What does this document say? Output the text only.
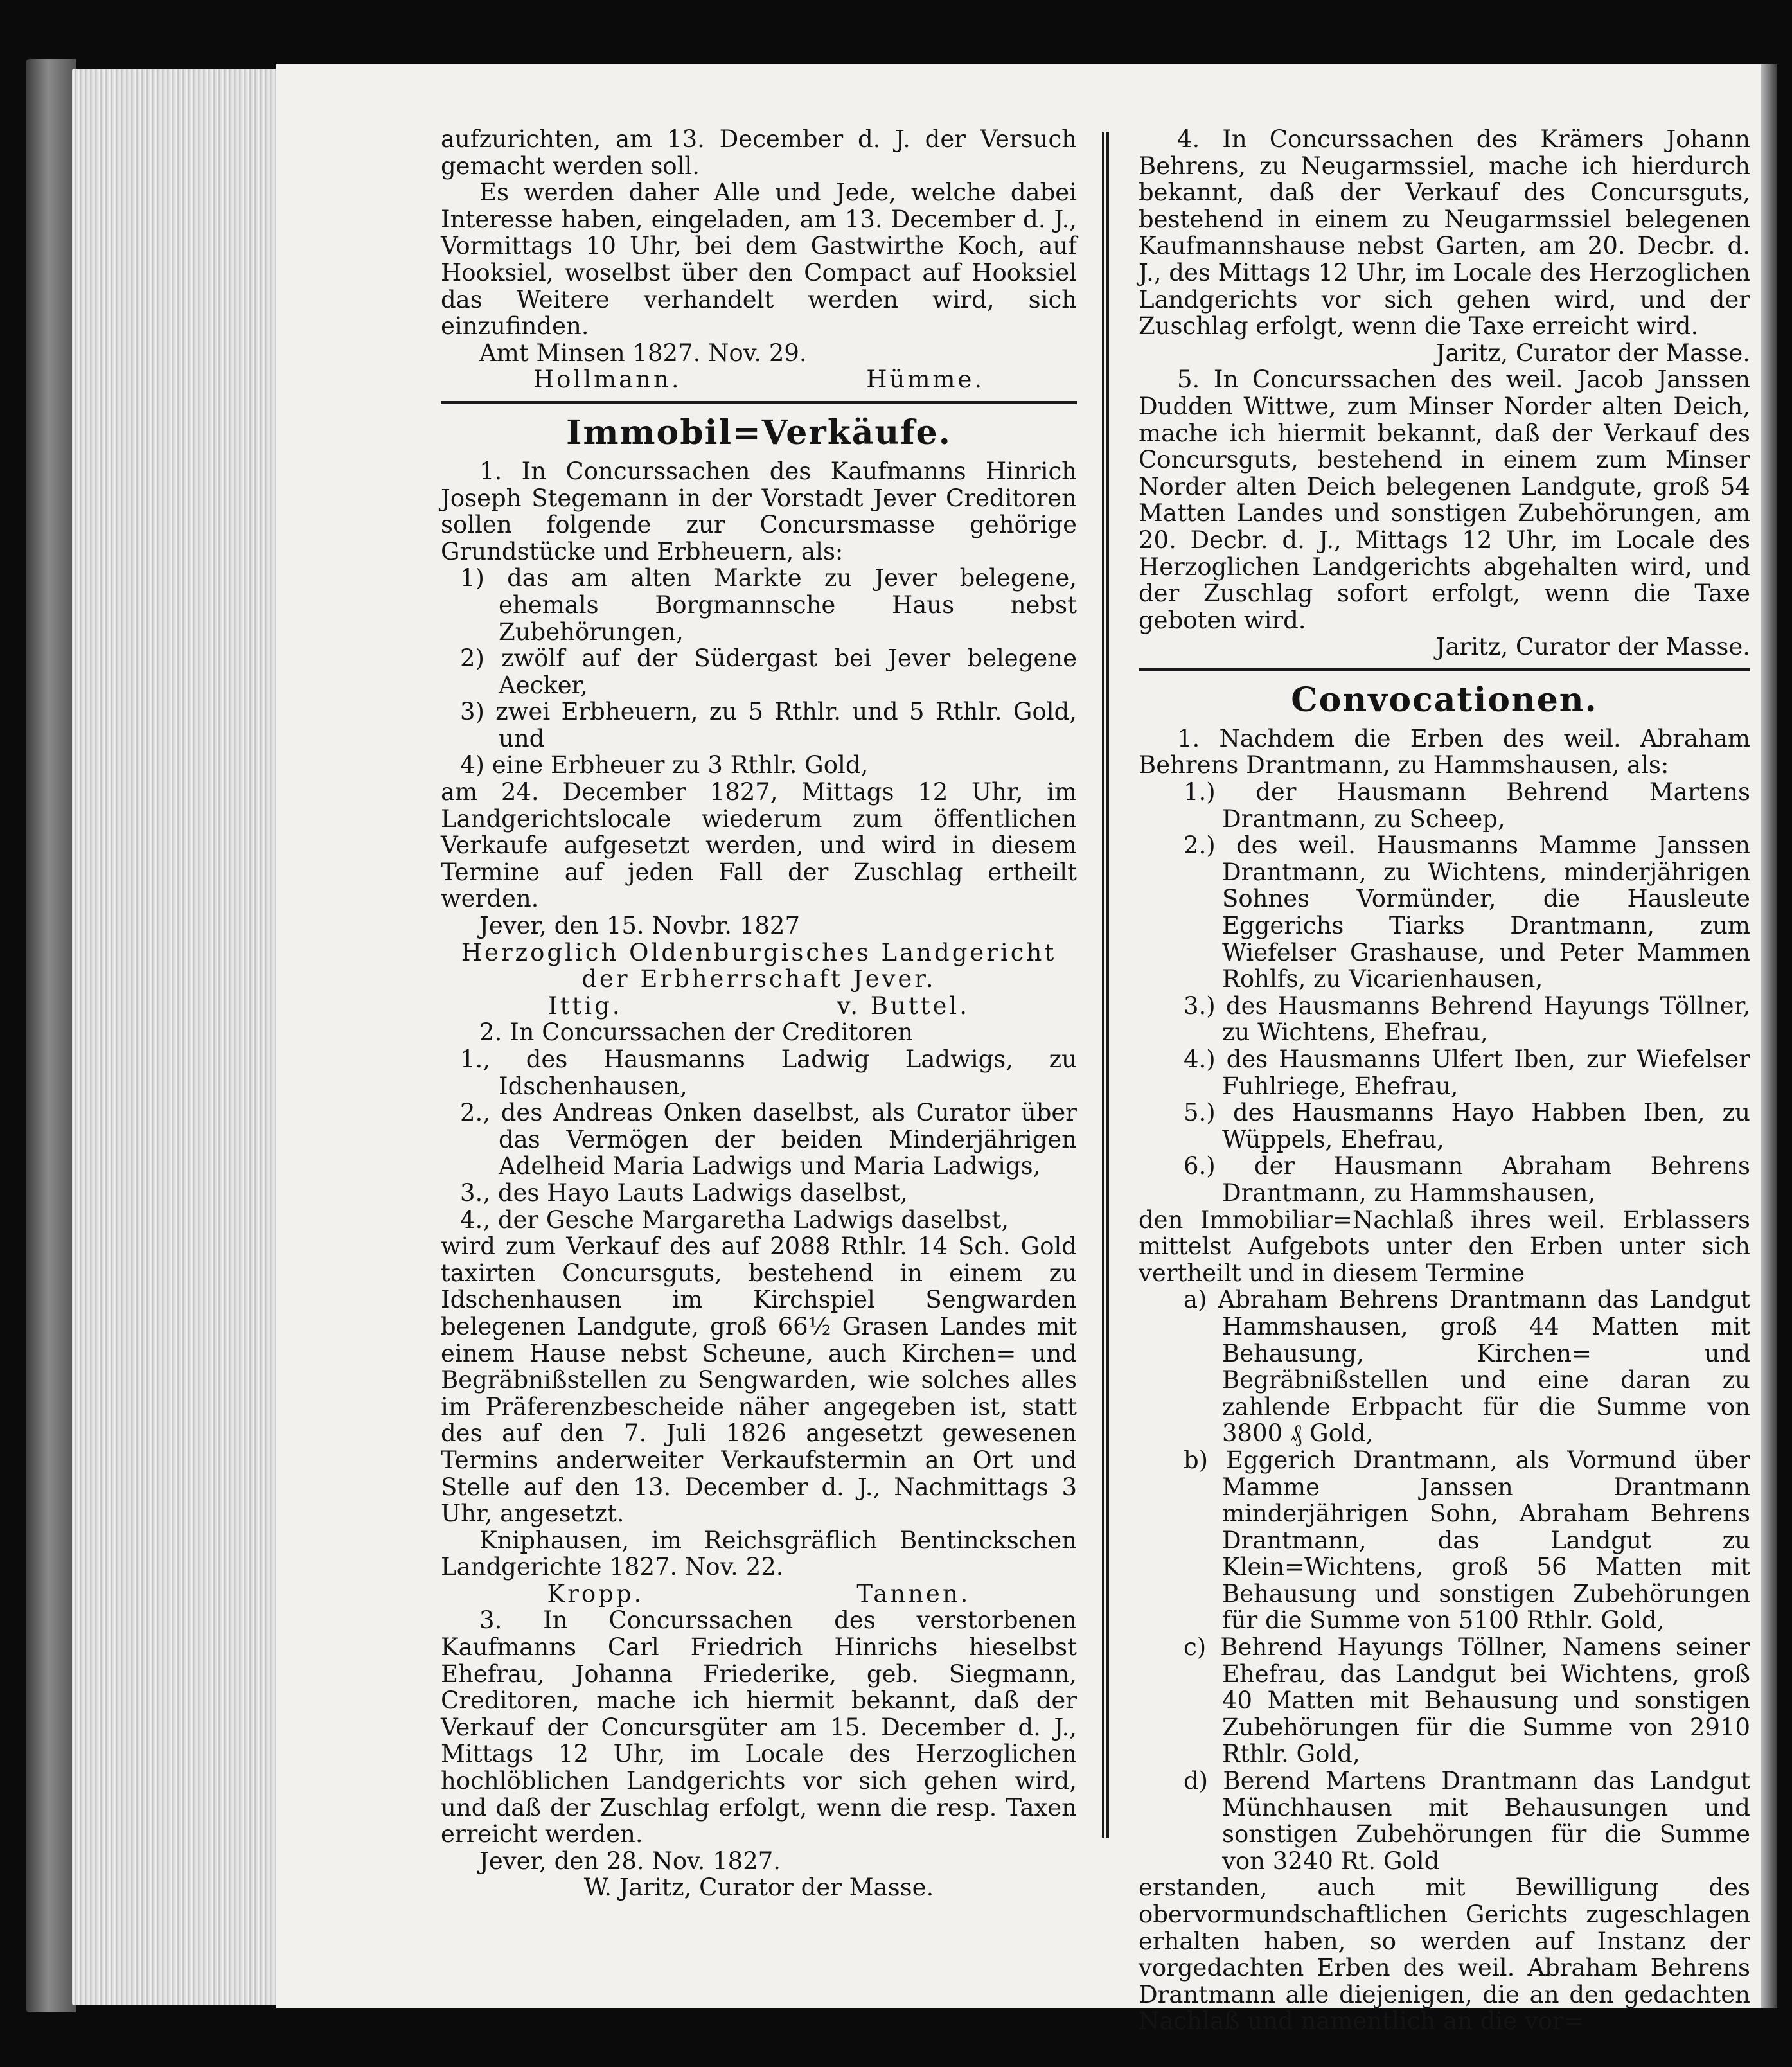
aufzurichten, am 13. December d. J. der Versuch gemacht werden soll.

Es werden daher Alle und Jede, welche dabei Interesse haben, eingeladen, am 13. December d. J., Vormittags 10 Uhr, bei dem Gastwirthe Koch, auf Hooksiel, woselbst über den Compact auf Hooksiel das Weitere verhandelt werden wird, sich einzufinden.

Amt Minsen 1827. Nov. 29.

Hollmann.	Hümme.
Immobil=Verkäufe.

1. In Concurssachen des Kaufmanns Hinrich Joseph Stegemann in der Vorstadt Jever Creditoren sollen folgende zur Concursmasse gehörige Grundstücke und Erbheuern, als:

1) das am alten Markte zu Jever belegene, ehemals Borgmannsche Haus nebst Zubehörungen,

2) zwölf auf der Südergast bei Jever belegene Aecker,

3) zwei Erbheuern, zu 5 Rthlr. und 5 Rthlr. Gold, und

4) eine Erbheuer zu 3 Rthlr. Gold,

am 24. December 1827, Mittags 12 Uhr, im Landgerichtslocale wiederum zum öffentlichen Verkaufe aufgesetzt werden, und wird in diesem Termine auf jeden Fall der Zuschlag ertheilt werden.

Jever, den 15. Novbr. 1827

Herzoglich Oldenburgisches Landgericht der Erbherrschaft Jever.

Ittig.	v. Buttel.

2. In Concurssachen der Creditoren

1., des Hausmanns Ladwig Ladwigs, zu Idschenhausen,

2., des Andreas Onken daselbst, als Curator über das Vermögen der beiden Minderjährigen Adelheid Maria Ladwigs und Maria Ladwigs,

3., des Hayo Lauts Ladwigs daselbst,

4., der Gesche Margaretha Ladwigs daselbst,

wird zum Verkauf des auf 2088 Rthlr. 14 Sch. Gold taxirten Concursguts, bestehend in einem zu Idschenhausen im Kirchspiel Sengwarden belegenen Landgute, groß 66½ Grasen Landes mit einem Hause nebst Scheune, auch Kirchen= und Begräbnißstellen zu Sengwarden, wie solches alles im Präferenzbescheide näher angegeben ist, statt des auf den 7. Juli 1826 angesetzt gewesenen Termins anderweiter Verkaufstermin an Ort und Stelle auf den 13. December d. J., Nachmittags 3 Uhr, angesetzt.

Kniphausen, im Reichsgräflich Bentinckschen Landgerichte 1827. Nov. 22.

Kropp.	Tannen.

3. In Concurssachen des verstorbenen Kaufmanns Carl Friedrich Hinrichs hieselbst Ehefrau, Johanna Friederike, geb. Siegmann, Creditoren, mache ich hiermit bekannt, daß der Verkauf der Concursgüter am 15. December d. J., Mittags 12 Uhr, im Locale des Herzoglichen hochlöblichen Landgerichts vor sich gehen wird, und daß der Zuschlag erfolgt, wenn die resp. Taxen erreicht werden.

Jever, den 28. Nov. 1827.

W. Jaritz, Curator der Masse.

4. In Concurssachen des Krämers Johann Behrens, zu Neugarmssiel, mache ich hierdurch bekannt, daß der Verkauf des Concursguts, bestehend in einem zu Neugarmssiel belegenen Kaufmannshause nebst Garten, am 20. Decbr. d. J., des Mittags 12 Uhr, im Locale des Herzoglichen Landgerichts vor sich gehen wird, und der Zuschlag erfolgt, wenn die Taxe erreicht wird.

Jaritz, Curator der Masse.

5. In Concurssachen des weil. Jacob Janssen Dudden Wittwe, zum Minser Norder alten Deich, mache ich hiermit bekannt, daß der Verkauf des Concursguts, bestehend in einem zum Minser Norder alten Deich belegenen Landgute, groß 54 Matten Landes und sonstigen Zubehörungen, am 20. Decbr. d. J., Mittags 12 Uhr, im Locale des Herzoglichen Landgerichts abgehalten wird, und der Zuschlag sofort erfolgt, wenn die Taxe geboten wird.

Jaritz, Curator der Masse.

Convocationen.

1. Nachdem die Erben des weil. Abraham Behrens Drantmann, zu Hammshausen, als:

1.) der Hausmann Behrend Martens Drantmann, zu Scheep,

2.) des weil. Hausmanns Mamme Janssen Drantmann, zu Wichtens, minderjährigen Sohnes Vormünder, die Hausleute Eggerichs Tiarks Drantmann, zum Wiefelser Grashause, und Peter Mammen Rohlfs, zu Vicarienhausen,

3.) des Hausmanns Behrend Hayungs Töllner, zu Wichtens, Ehefrau,

4.) des Hausmanns Ulfert Iben, zur Wiefelser Fuhlriege, Ehefrau,

5.) des Hausmanns Hayo Habben Iben, zu Wüppels, Ehefrau,

6.) der Hausmann Abraham Behrens Drantmann, zu Hammshausen,

den Immobiliar=Nachlaß ihres weil. Erblassers mittelst Aufgebots unter den Erben unter sich vertheilt und in diesem Termine

a) Abraham Behrens Drantmann das Landgut Hammshausen, groß 44 Matten mit Behausung, Kirchen= und Begräbnißstellen und eine daran zu zahlende Erbpacht für die Summe von 3800 ₰ Gold,

b) Eggerich Drantmann, als Vormund über Mamme Janssen Drantmann minderjährigen Sohn, Abraham Behrens Drantmann, das Landgut zu Klein=Wichtens, groß 56 Matten mit Behausung und sonstigen Zubehörungen für die Summe von 5100 Rthlr. Gold,

c) Behrend Hayungs Töllner, Namens seiner Ehefrau, das Landgut bei Wichtens, groß 40 Matten mit Behausung und sonstigen Zubehörungen für die Summe von 2910 Rthlr. Gold,

d) Berend Martens Drantmann das Landgut Münchhausen mit Behausungen und sonstigen Zubehörungen für die Summe von 3240 Rt. Gold

erstanden, auch mit Bewilligung des obervormundschaftlichen Gerichts zugeschlagen erhalten haben, so werden auf Instanz der vorgedachten Erben des weil. Abraham Behrens Drantmann alle diejenigen, die an den gedachten Nachlaß und namentlich an die vor=
